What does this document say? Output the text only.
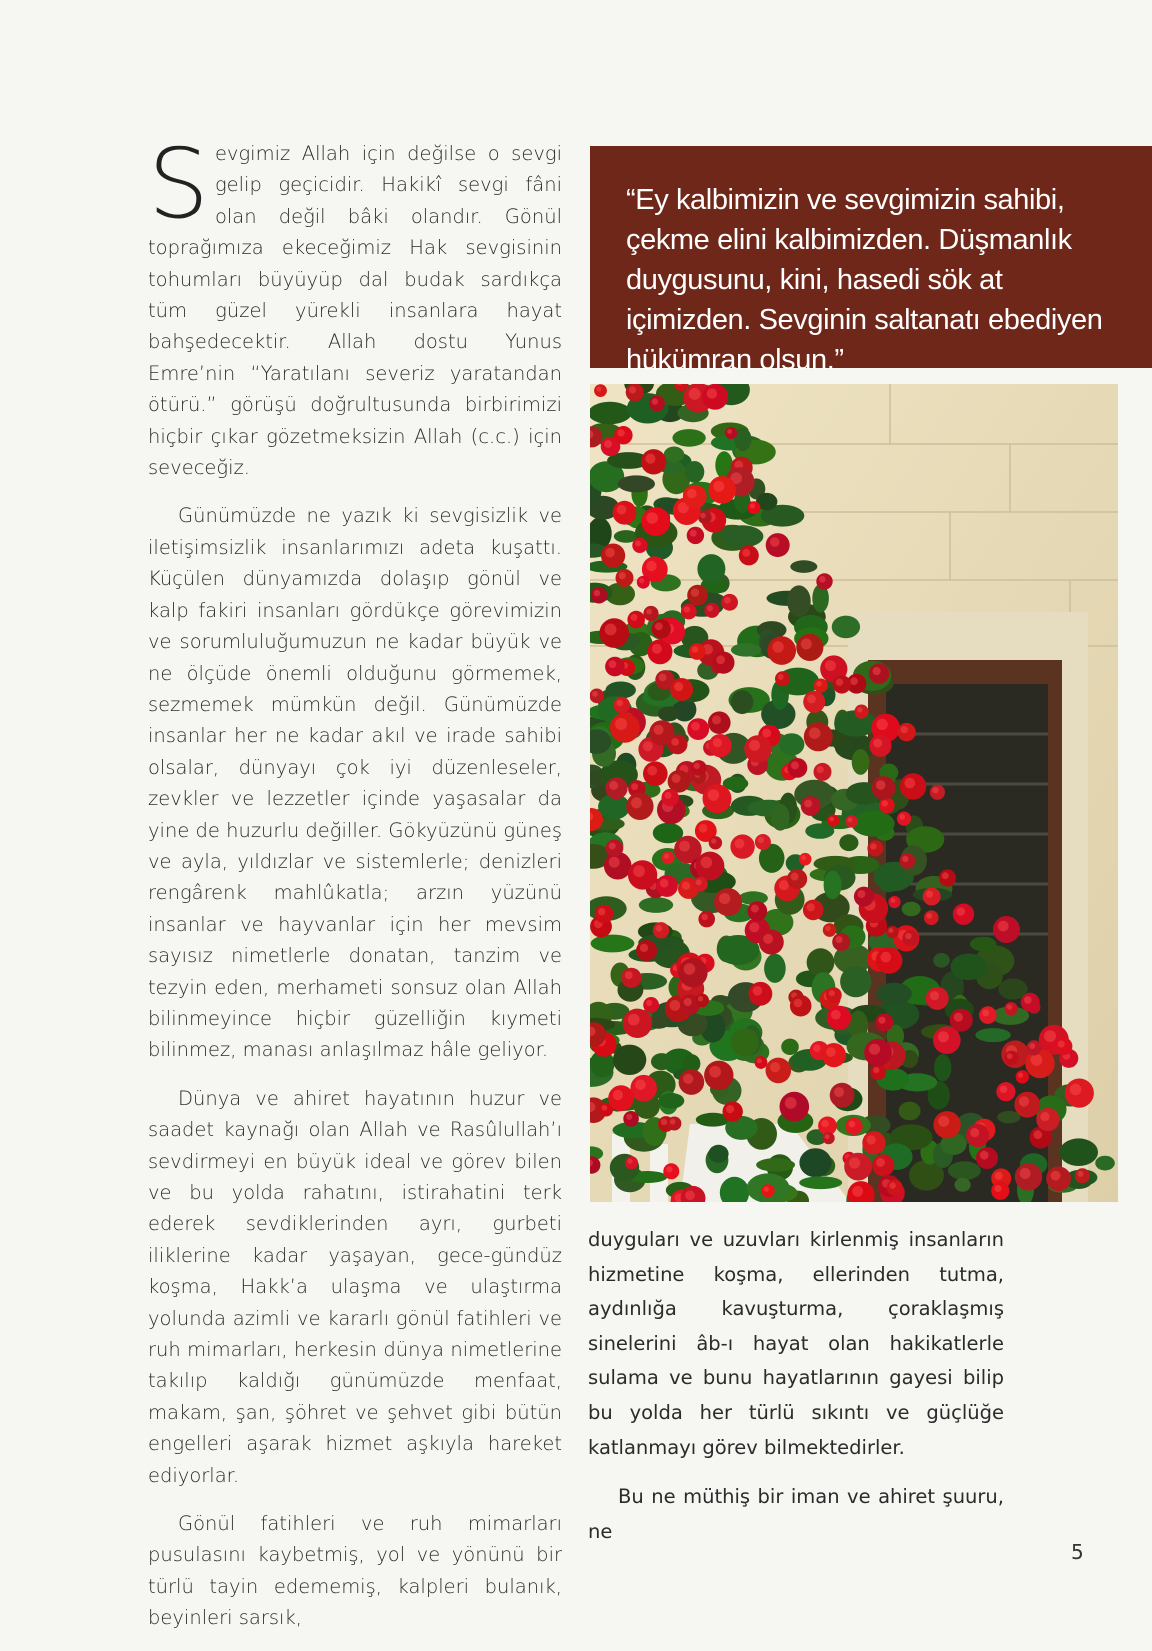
Sevgimiz Allah için değilse o sevgi gelip geçicidir. Hakikî sevgi fâni olan değil bâki olandır. Gönül toprağımıza ekeceğimiz Hak sevgisinin tohumları büyüyüp dal budak sardıkça tüm güzel yürekli insanlara hayat bahşedecektir. Allah dostu Yunus Emre’nin “Yaratılanı severiz yaratandan ötürü.” görüşü doğrultusunda birbirimizi hiçbir çıkar gözetmeksizin Allah (c.c.) için seveceğiz.

Günümüzde ne yazık ki sevgisizlik ve iletişimsizlik insanlarımızı adeta kuşattı. Küçülen dünyamızda dolaşıp gönül ve kalp fakiri insanları gördükçe görevimizin ve sorumluluğumuzun ne kadar büyük ve ne ölçüde önemli olduğunu görmemek, sezmemek mümkün değil. Günümüzde insanlar her ne kadar akıl ve irade sahibi olsalar, dünyayı çok iyi düzenleseler, zevkler ve lezzetler içinde yaşasalar da yine de huzurlu değiller. Gökyüzünü güneş ve ayla, yıldızlar ve sistemlerle; denizleri rengârenk mahlûkatla; arzın yüzünü insanlar ve hayvanlar için her mevsim sayısız nimetlerle donatan, tanzim ve tezyin eden, merhameti sonsuz olan Allah bilinmeyince hiçbir güzelliğin kıymeti bilinmez, manası anlaşılmaz hâle geliyor.

Dünya ve ahiret hayatının huzur ve saadet kaynağı olan Allah ve Rasûlullah’ı sevdirmeyi en büyük ideal ve görev bilen ve bu yolda rahatını, istirahatini terk ederek sevdiklerinden ayrı, gurbeti iliklerine kadar yaşayan, gece-gündüz koşma, Hakk’a ulaşma ve ulaştırma yolunda azimli ve kararlı gönül fatihleri ve ruh mimarları, herkesin dünya nimetlerine takılıp kaldığı günümüzde menfaat, makam, şan, şöhret ve şehvet gibi bütün engelleri aşarak hizmet aşkıyla hareket ediyorlar.

Gönül fatihleri ve ruh mimarları pusulasını kaybetmiş, yol ve yönünü bir türlü tayin edememiş, kalpleri bulanık, beyinleri sarsık,

“Ey kalbimizin ve sevgimizin sahibi, çekme elini kalbimizden. Düşmanlık duygusunu, kini, hasedi sök at içimizden. Sevginin saltanatı ebediyen hükümran olsun.”

duyguları ve uzuvları kirlenmiş insanların hizmetine koşma, ellerinden tutma, aydınlığa kavuşturma, çoraklaşmış sinelerini âb-ı hayat olan hakikatlerle sulama ve bunu hayatlarının gayesi bilip bu yolda her türlü sıkıntı ve güçlüğe katlanmayı görev bilmektedirler.

Bu ne müthiş bir iman ve ahiret şuuru, ne

5
